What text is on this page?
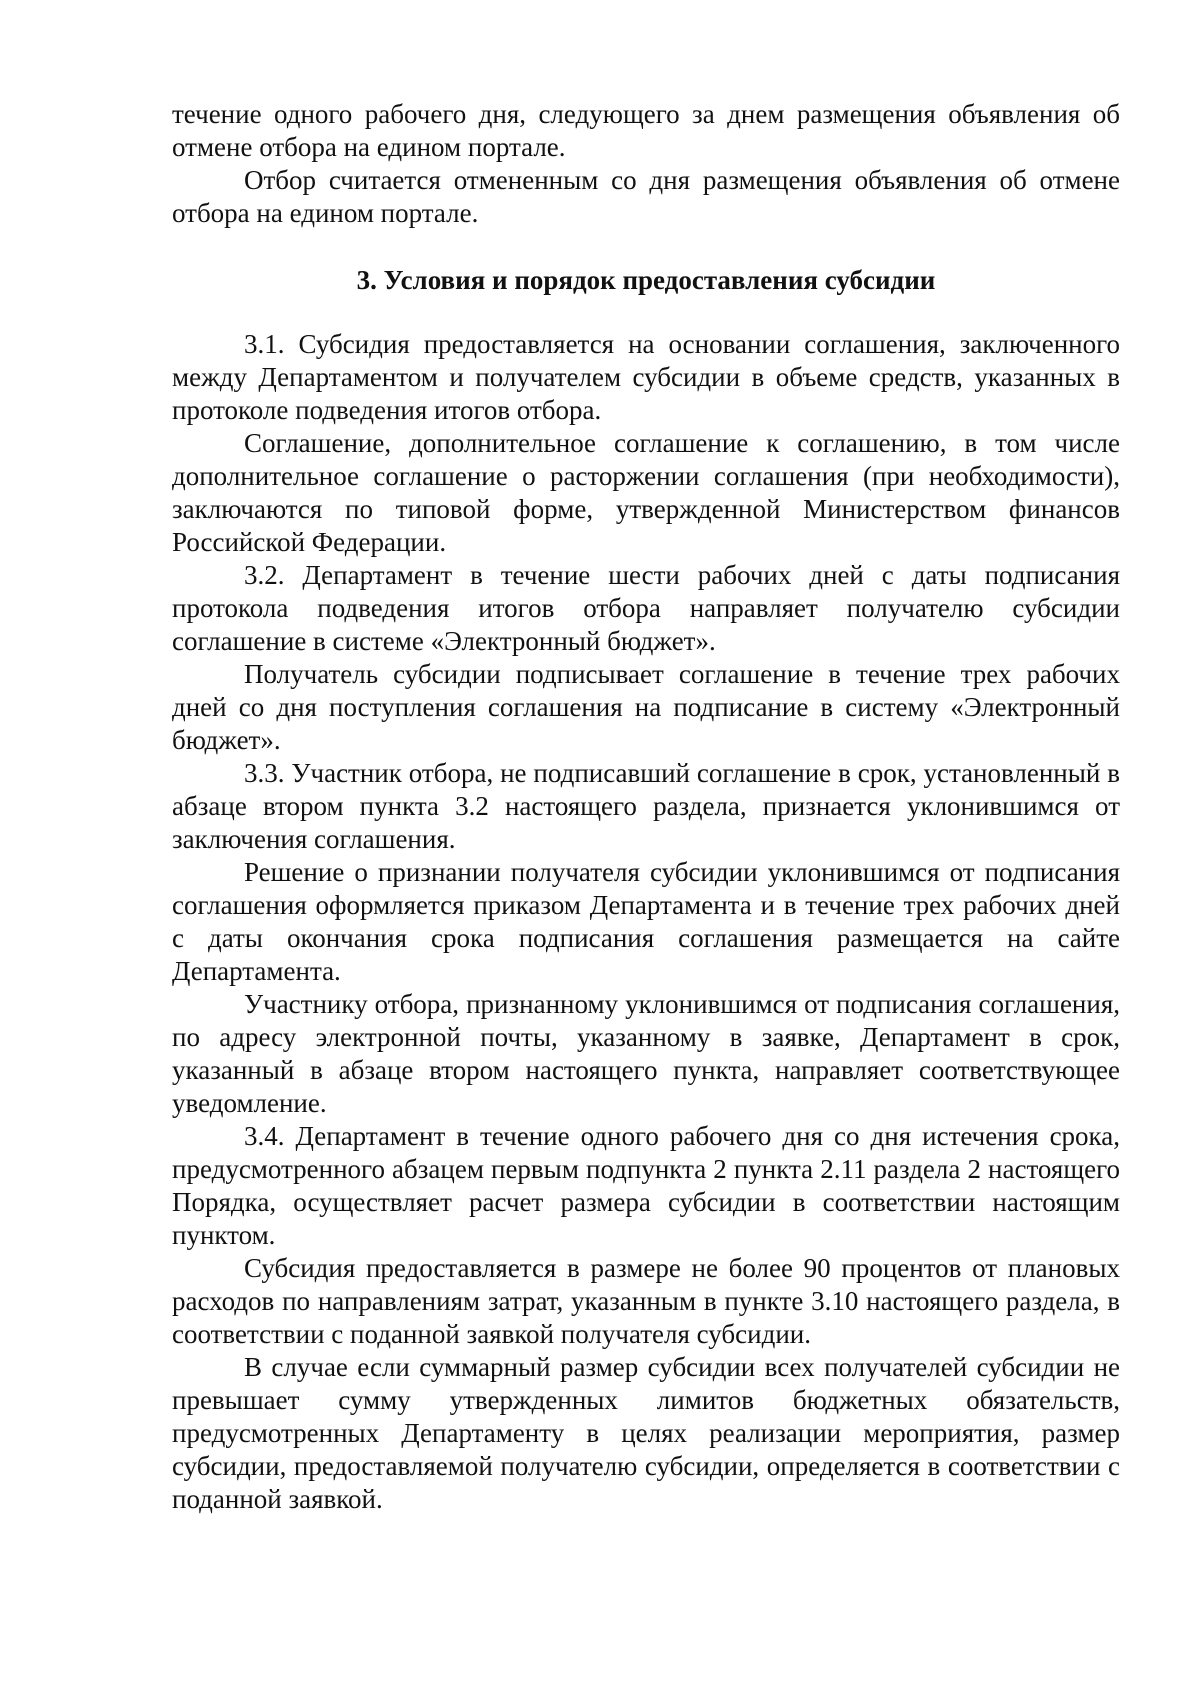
течение одного рабочего дня, следующего за днем размещения объявления об отмене отбора на едином портале.

Отбор считается отмененным со дня размещения объявления об отмене отбора на едином портале.

3. Условия и порядок предоставления субсидии

3.1. Субсидия предоставляется на основании соглашения, заключенного между Департаментом и получателем субсидии в объеме средств, указанных в протоколе подведения итогов отбора.

Соглашение, дополнительное соглашение к соглашению, в том числе дополнительное соглашение о расторжении соглашения (при необходимости), заключаются по типовой форме, утвержденной Министерством финансов Российской Федерации.

3.2. Департамент в течение шести рабочих дней с даты подписания протокола подведения итогов отбора направляет получателю субсидии соглашение в системе «Электронный бюджет».

Получатель субсидии подписывает соглашение в течение трех рабочих дней со дня поступления соглашения на подписание в систему «Электронный бюджет».

3.3. Участник отбора, не подписавший соглашение в срок, установленный в абзаце втором пункта 3.2 настоящего раздела, признается уклонившимся от заключения соглашения.

Решение о признании получателя субсидии уклонившимся от подписания соглашения оформляется приказом Департамента и в течение трех рабочих дней с даты окончания срока подписания соглашения размещается на сайте Департамента.

Участнику отбора, признанному уклонившимся от подписания соглашения, по адресу электронной почты, указанному в заявке, Департамент в срок, указанный в абзаце втором настоящего пункта, направляет соответствующее уведомление.

3.4. Департамент в течение одного рабочего дня со дня истечения срока, предусмотренного абзацем первым подпункта 2 пункта 2.11 раздела 2 настоящего Порядка, осуществляет расчет размера субсидии в соответствии настоящим пунктом.

Субсидия предоставляется в размере не более 90 процентов от плановых расходов по направлениям затрат, указанным в пункте 3.10 настоящего раздела, в соответствии с поданной заявкой получателя субсидии.

В случае если суммарный размер субсидии всех получателей субсидии не превышает сумму утвержденных лимитов бюджетных обязательств, предусмотренных Департаменту в целях реализации мероприятия, размер субсидии, предоставляемой получателю субсидии, определяется в соответствии с поданной заявкой.
